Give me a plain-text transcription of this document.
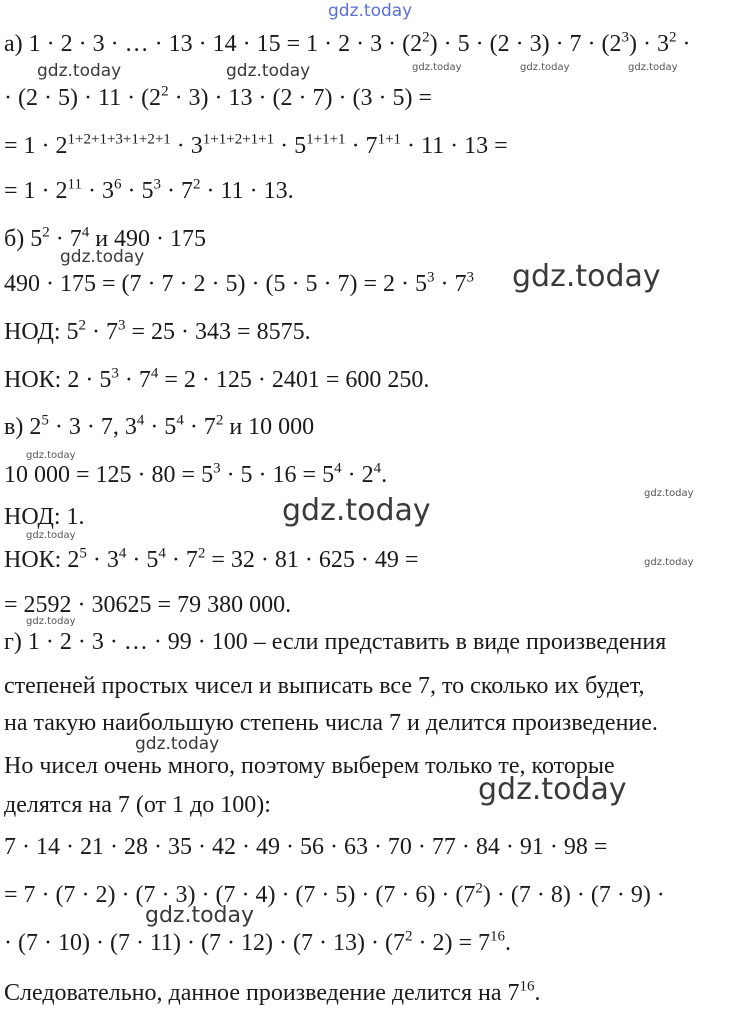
а) 1 · 2 · 3 · … · $13 \cdot 14 \cdot 15 = 1 \cdot 2 \cdot 3 \cdot (2^2) \cdot 5 \cdot (2 \cdot 3) \cdot 7 \cdot (2^3) \cdot 3^2$ ·
· $(2 \cdot 5) \cdot 11 \cdot (2^2 \cdot 3) \cdot 13 \cdot (2 \cdot 7) \cdot (3 \cdot 5)$ =
= $1 \cdot 2^{1+2+1+3+1+2+1} \cdot 3^{1+1+2+1+1} \cdot 5^{1+1+1} \cdot 7^{1+1} \cdot 11 \cdot 13$ =
= $1 \cdot 2^{11} \cdot 3^6 \cdot 5^3 \cdot 7^2 \cdot 11 \cdot 13$.
б) $5^2 \cdot 7^4$ и 490 · 175
$490 \cdot 175 = (7 \cdot 7 \cdot 2 \cdot 5) \cdot (5 \cdot 5 \cdot 7) = 2 \cdot 5^3 \cdot 7^3$
НОД: $5^2 \cdot 7^3 = 25 \cdot 343 = 8575$.
НОК: $2 \cdot 5^3 \cdot 7^4 = 2 \cdot 125 \cdot 2401 = 600$ 250.
в) $2^5 \cdot 3 \cdot 7$, $3^4 \cdot 5^4 \cdot 7^2$ и 10 000
10 $000 = 125 \cdot 80 = 5^3 \cdot 5 \cdot 16 = 5^4 \cdot 2^4$.
НОД: 1.
НОК: $2^5 \cdot 3^4 \cdot 5^4 \cdot 7^2 = 32 \cdot 81 \cdot 625 \cdot 49$ =
= 2592 · 30625 = 79 380 000.
г) 1 · 2 · 3 · … · 99 · 100 – если представить в виде произведения
степеней простых чисел и выписать все 7, то сколько их будет,
на такую наибольшую степень числа 7 и делится произведение.
Но чисел очень много, поэтому выберем только те, которые
делятся на 7 (от 1 до 100):
7 · 14 · 21 · 28 · 35 · 42 · 49 · 56 · 63 · 70 · 77 · 84 · 91 · 98 =
= $7 \cdot (7 \cdot 2) \cdot (7 \cdot 3) \cdot (7 \cdot 4) \cdot (7 \cdot 5) \cdot (7 \cdot 6) \cdot (7^2) \cdot (7 \cdot 8) \cdot (7 \cdot 9)$ ·
· $(7 \cdot 10) \cdot (7 \cdot 11) \cdot (7 \cdot 12) \cdot (7 \cdot 13) \cdot (7^2 \cdot 2) = 7^{16}$.
Следовательно, данное произведение делится на $7^{16}$.
gdz.today
gdz.today	gdz.today	gdz.today	gdz.today	gdz.today
gdz.today
gdz.today
gdz.today
gdz.today
gdz.today
gdz.today
gdz.today
gdz.today
gdz.today
gdz.today
gdz.today
